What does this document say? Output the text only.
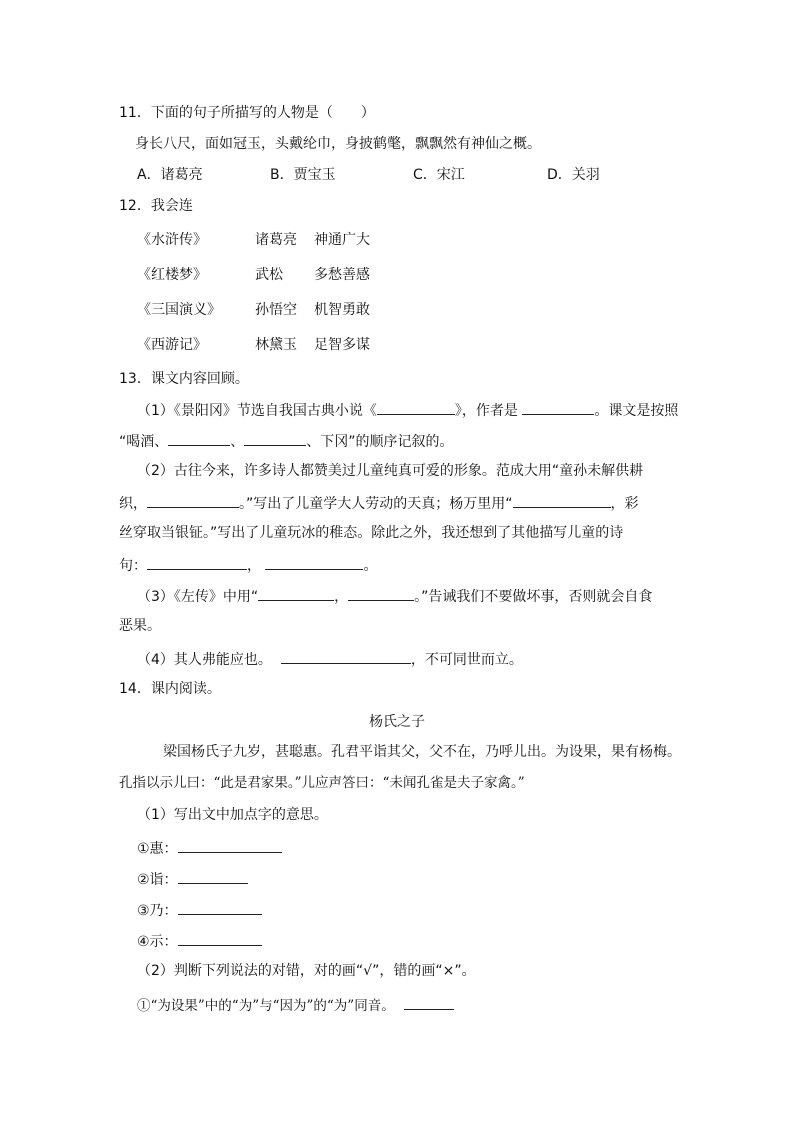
11．下面的句子所描写的人物是（　　）
身长八尺，面如冠玉，头戴纶巾，身披鹤氅，飘飘然有神仙之概。
A．诸葛亮	B．贾宝玉	C．宋江	D．关羽
12．我会连
《水浒传》	诸葛亮 神通广大
《红楼梦》	武松 多愁善感
《三国演义》 孙悟空 机智勇敢
《西游记》	林黛玉 足智多谋
13．课文内容回顾。
（1）《景阳冈》节选自我国古典小说《	》，作者是	。课文是按照
“喝酒、	、	、下冈”的顺序记叙的。
（2）古往今来，许多诗人都赞美过儿童纯真可爱的形象。范成大用“童孙未解供耕
织，	。”写出了儿童学大人劳动的天真；杨万里用“	，彩
丝穿取当银钲。”写出了儿童玩冰的稚态。除此之外，我还想到了其他描写儿童的诗
句：	，	。
（3）《左传》中用“	，	。”告诫我们不要做坏事，否则就会自食
恶果。
（4）其人弗能应也。	，不可同世而立。
14．课内阅读。
杨氏之子
梁国杨氏子九岁，甚聪惠。孔君平诣其父，父不在，乃呼儿出。为设果，果有杨梅。
孔指以示儿曰：“此是君家果。”儿应声答曰：“未闻孔雀是夫子家禽。”
（1）写出文中加点字的意思。
①惠：
②诣：
③乃：
④示：
（2）判断下列说法的对错，对的画“√”，错的画“×”。
①“为设果”中的“为”与“因为”的“为”同音。
